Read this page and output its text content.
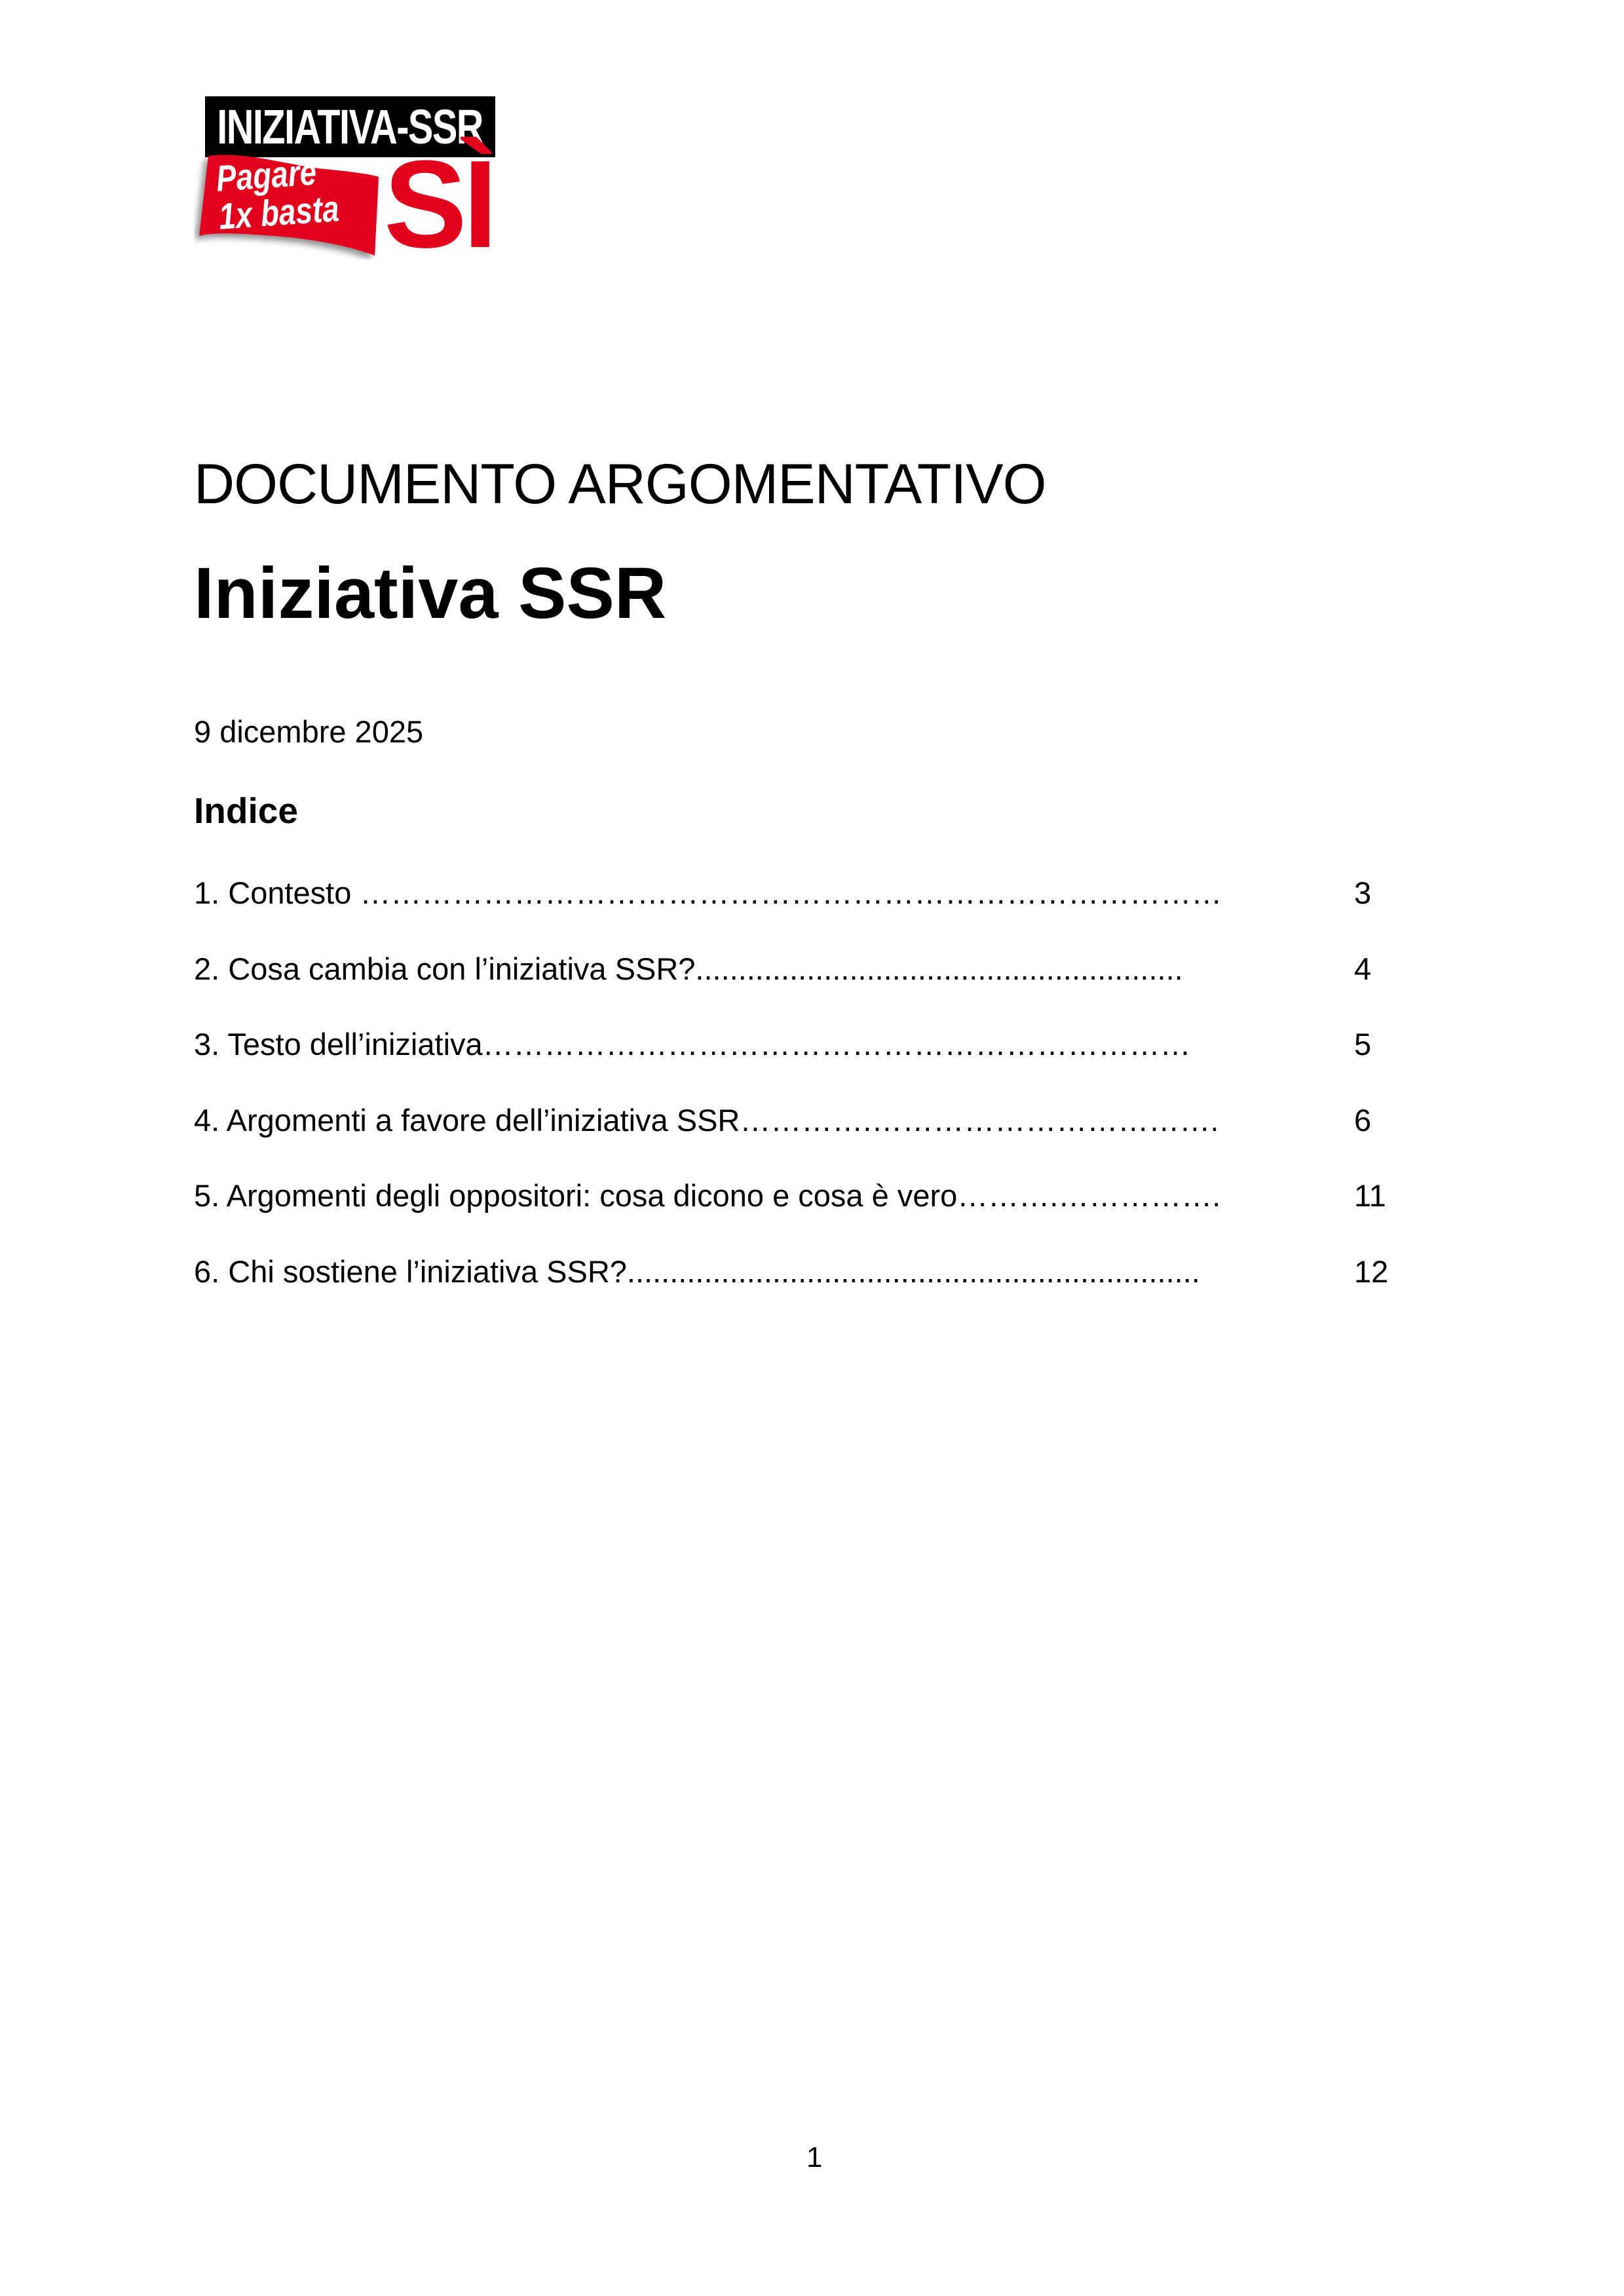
INIZIATIVA-SSR
Pagare
1x basta SÌ
DOCUMENTO ARGOMENTATIVO
Iniziativa SSR
9 dicembre 2025
Indice
1. Contesto …………………………………………………………………………	3
2. Cosa cambia con l’iniziativa SSR?.........................................................	4
3. Testo dell’iniziativa……………………………………………………………	5
4. Argomenti a favore dell’iniziativa SSR………….…………………………….	6
5. Argomenti degli oppositori: cosa dicono e cosa è vero……….…………….	11
6. Chi sostiene l’iniziativa SSR?...................................................................	12
1
